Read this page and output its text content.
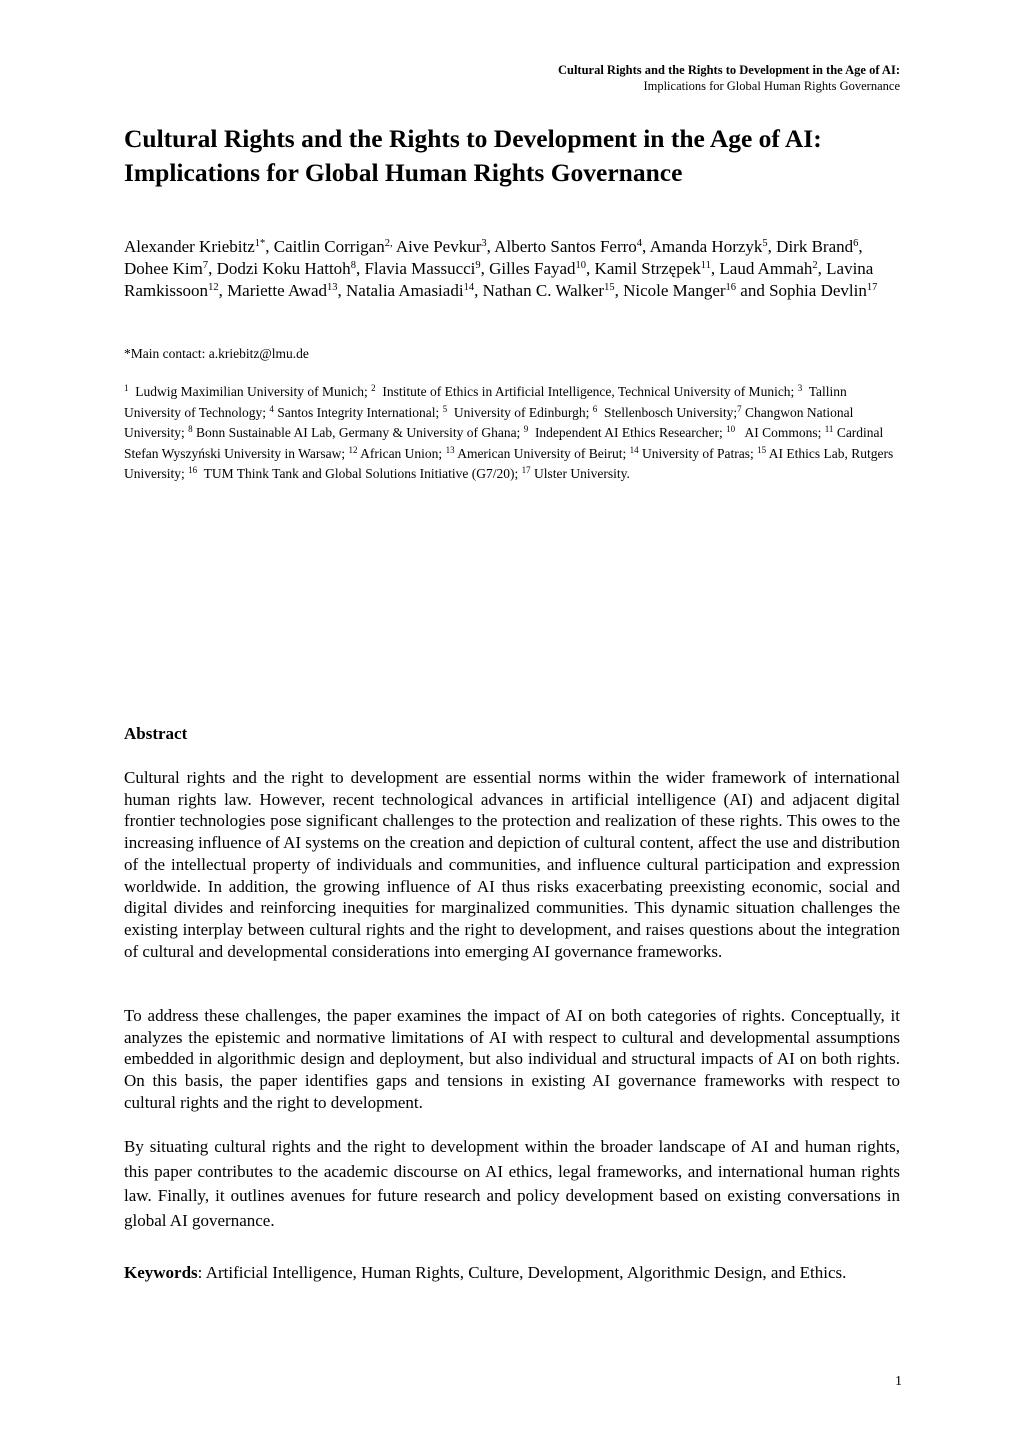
Cultural Rights and the Rights to Development in the Age of AI:
Implications for Global Human Rights Governance
Cultural Rights and the Rights to Development in the Age of AI:
Implications for Global Human Rights Governance

Alexander Kriebitz$^{1*}$, Caitlin Corrigan$^{2,}$ Aive Pevkur$^3$, Alberto Santos Ferro$^4$, Amanda Horzyk$^5$, Dirk Brand$^6$, Dohee Kim$^7$, Dodzi Koku Hattoh$^8$, Flavia Massucci$^9$, Gilles Fayad$^{10}$, Kamil Strzępek$^{11}$, Laud Ammah$^2$, Lavina Ramkissoon$^{12}$, Mariette Awad$^{13}$, Natalia Amasiadi$^{14}$, Nathan C. Walker$^{15}$, Nicole Manger$^{16}$ and Sophia Devlin$^{17}$

*Main contact: a.kriebitz@lmu.de

$^1$  Ludwig Maximilian University of Munich; $^2$  Institute of Ethics in Artificial Intelligence, Technical University of Munich; $^3$  Tallinn University of Technology; $^4$ Santos Integrity International; $^5$  University of Edinburgh; $^6$  Stellenbosch University;$^7$ Changwon National University; $^8$ Bonn Sustainable AI Lab, Germany & University of Ghana; $^9$  Independent AI Ethics Researcher; $^{10}$   AI Commons; $^{11}$ Cardinal Stefan Wyszyński University in Warsaw; $^{12}$ African Union; $^{13}$ American University of Beirut; $^{14}$ University of Patras; $^{15}$ AI Ethics Lab, Rutgers University; $^{16}$  TUM Think Tank and Global Solutions Initiative (G7/20); $^{17}$ Ulster University.

Abstract

Cultural rights and the right to development are essential norms within the wider framework of international human rights law. However, recent technological advances in artificial intelligence (AI) and adjacent digital frontier technologies pose significant challenges to the protection and realization of these rights. This owes to the increasing influence of AI systems on the creation and depiction of cultural content, affect the use and distribution of the intellectual property of individuals and communities, and influence cultural participation and expression worldwide. In addition, the growing influence of AI thus risks exacerbating preexisting economic, social and digital divides and reinforcing inequities for marginalized communities. This dynamic situation challenges the existing interplay between cultural rights and the right to development, and raises questions about the integration of cultural and developmental considerations into emerging AI governance frameworks.

To address these challenges, the paper examines the impact of AI on both categories of rights. Conceptually, it analyzes the epistemic and normative limitations of AI with respect to cultural and developmental assumptions embedded in algorithmic design and deployment, but also individual and structural impacts of AI on both rights. On this basis, the paper identifies gaps and tensions in existing AI governance frameworks with respect to cultural rights and the right to development.

By situating cultural rights and the right to development within the broader landscape of AI and human rights, this paper contributes to the academic discourse on AI ethics, legal frameworks, and international human rights law. Finally, it outlines avenues for future research and policy development based on existing conversations in global AI governance.

Keywords: Artificial Intelligence, Human Rights, Culture, Development, Algorithmic Design, and Ethics.

1
